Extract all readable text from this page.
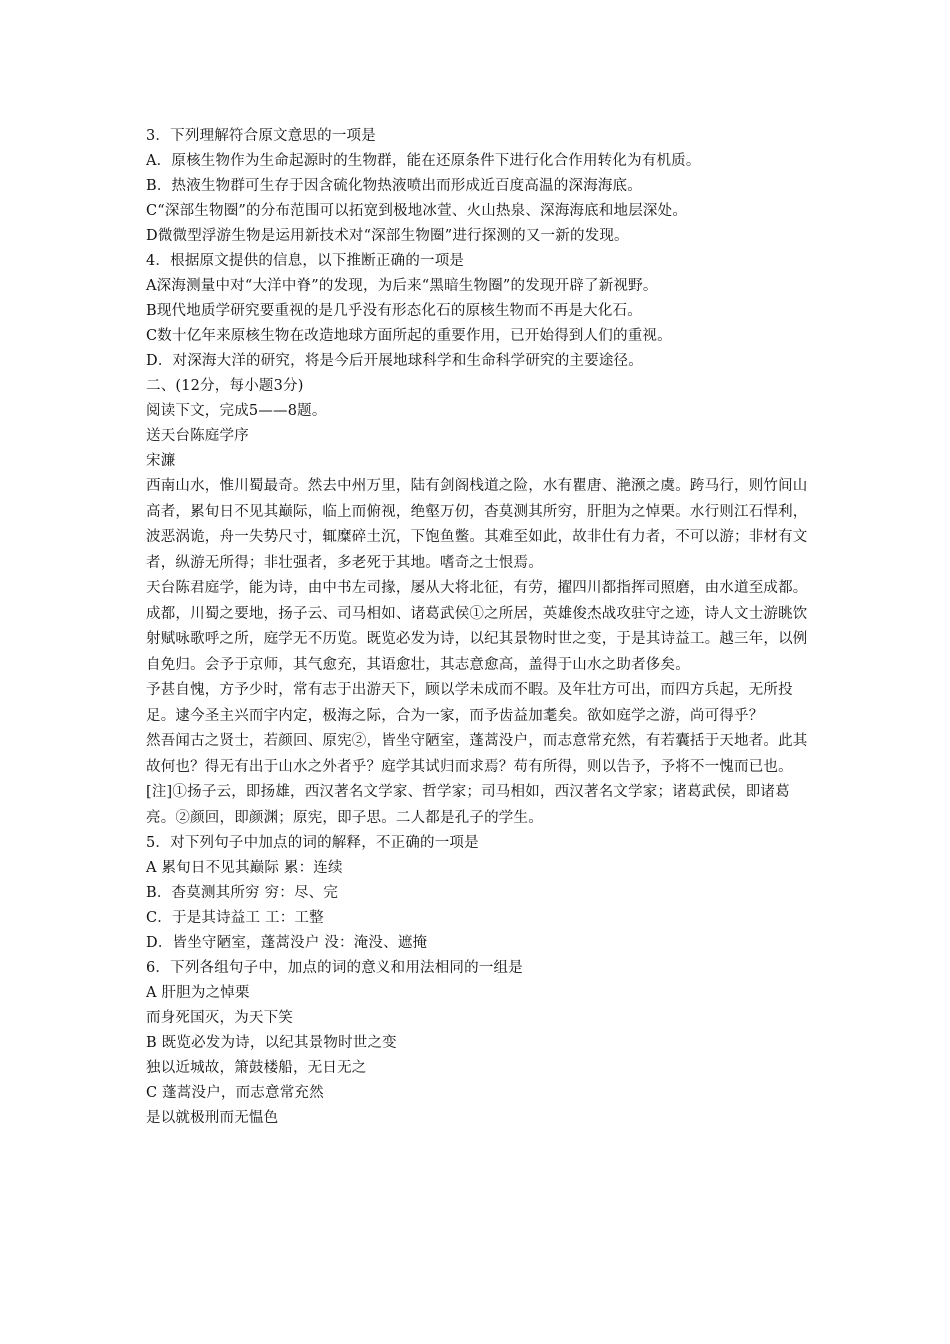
3．下列理解符合原文意思的一项是

A．原核生物作为生命起源时的生物群，能在还原条件下进行化合作用转化为有机质。

B．热液生物群可生存于因含硫化物热液喷出而形成近百度高温的深海海底。

C“深部生物圈”的分布范围可以拓宽到极地冰萱、火山热泉、深海海底和地层深处。

D微微型浮游生物是运用新技术对“深部生物圈”进行探测的又一新的发现。

4．根据原文提供的信息，以下推断正确的一项是

A深海测量中对“大洋中脊”的发现，为后来“黑暗生物圈”的发现开辟了新视野。

B现代地质学研究要重视的是几乎没有形态化石的原核生物而不再是大化石。

C数十亿年来原核生物在改造地球方面所起的重要作用，已开始得到人们的重视。

D．对深海大洋的研究，将是今后开展地球科学和生命科学研究的主要途径。

二、(12分，每小题3分)

阅读下文，完成5——8题。

送天台陈庭学序

宋濂

西南山水，惟川蜀最奇。然去中州万里，陆有剑阁栈道之险，水有瞿唐、滟滪之虞。跨马行，则竹间山高者，累旬日不见其巅际，临上而俯视，绝壑万仞，杳莫测其所穷，肝胆为之悼栗。水行则江石悍利，波恶涡诡，舟一失势尺寸，辄糜碎土沉，下饱鱼鳖。其难至如此，故非仕有力者，不可以游；非材有文者，纵游无所得；非壮强者，多老死于其地。嗜奇之士恨焉。

天台陈君庭学，能为诗，由中书左司掾，屡从大将北征，有劳，擢四川都指挥司照磨，由水道至成都。成都，川蜀之要地，扬子云、司马相如、诸葛武侯①之所居，英雄俊杰战攻驻守之迹，诗人文士游眺饮射赋咏歌呼之所，庭学无不历览。既览必发为诗，以纪其景物时世之变，于是其诗益工。越三年，以例自免归。会予于京师，其气愈充，其语愈壮，其志意愈高，盖得于山水之助者侈矣。

予甚自愧，方予少时，常有志于出游天下，顾以学未成而不暇。及年壮方可出，而四方兵起，无所投足。逮今圣主兴而宇内定，极海之际，合为一家，而予齿益加耄矣。欲如庭学之游，尚可得乎？

然吾闻古之贤士，若颜回、原宪②，皆坐守陋室，蓬蒿没户，而志意常充然，有若囊括于天地者。此其故何也？得无有出于山水之外者乎？庭学其试归而求焉？苟有所得，则以告予，予将不一愧而已也。

[注]①扬子云，即扬雄，西汉著名文学家、哲学家；司马相如，西汉著名文学家；诸葛武侯，即诸葛亮。②颜回，即颜渊；原宪，即子思。二人都是孔子的学生。

5．对下列句子中加点的词的解释，不正确的一项是

A 累旬日不见其巅际 累：连续

B．杳莫测其所穷 穷：尽、完

C．于是其诗益工 工：工整

D．皆坐守陋室，蓬蒿没户 没：淹没、遮掩

6．下列各组句子中，加点的词的意义和用法相同的一组是

A 肝胆为之悼栗

而身死国灭，为天下笑

B 既览必发为诗，以纪其景物时世之变

独以近城故，箫鼓楼船，无日无之

C 蓬蒿没户，而志意常充然

是以就极刑而无愠色
